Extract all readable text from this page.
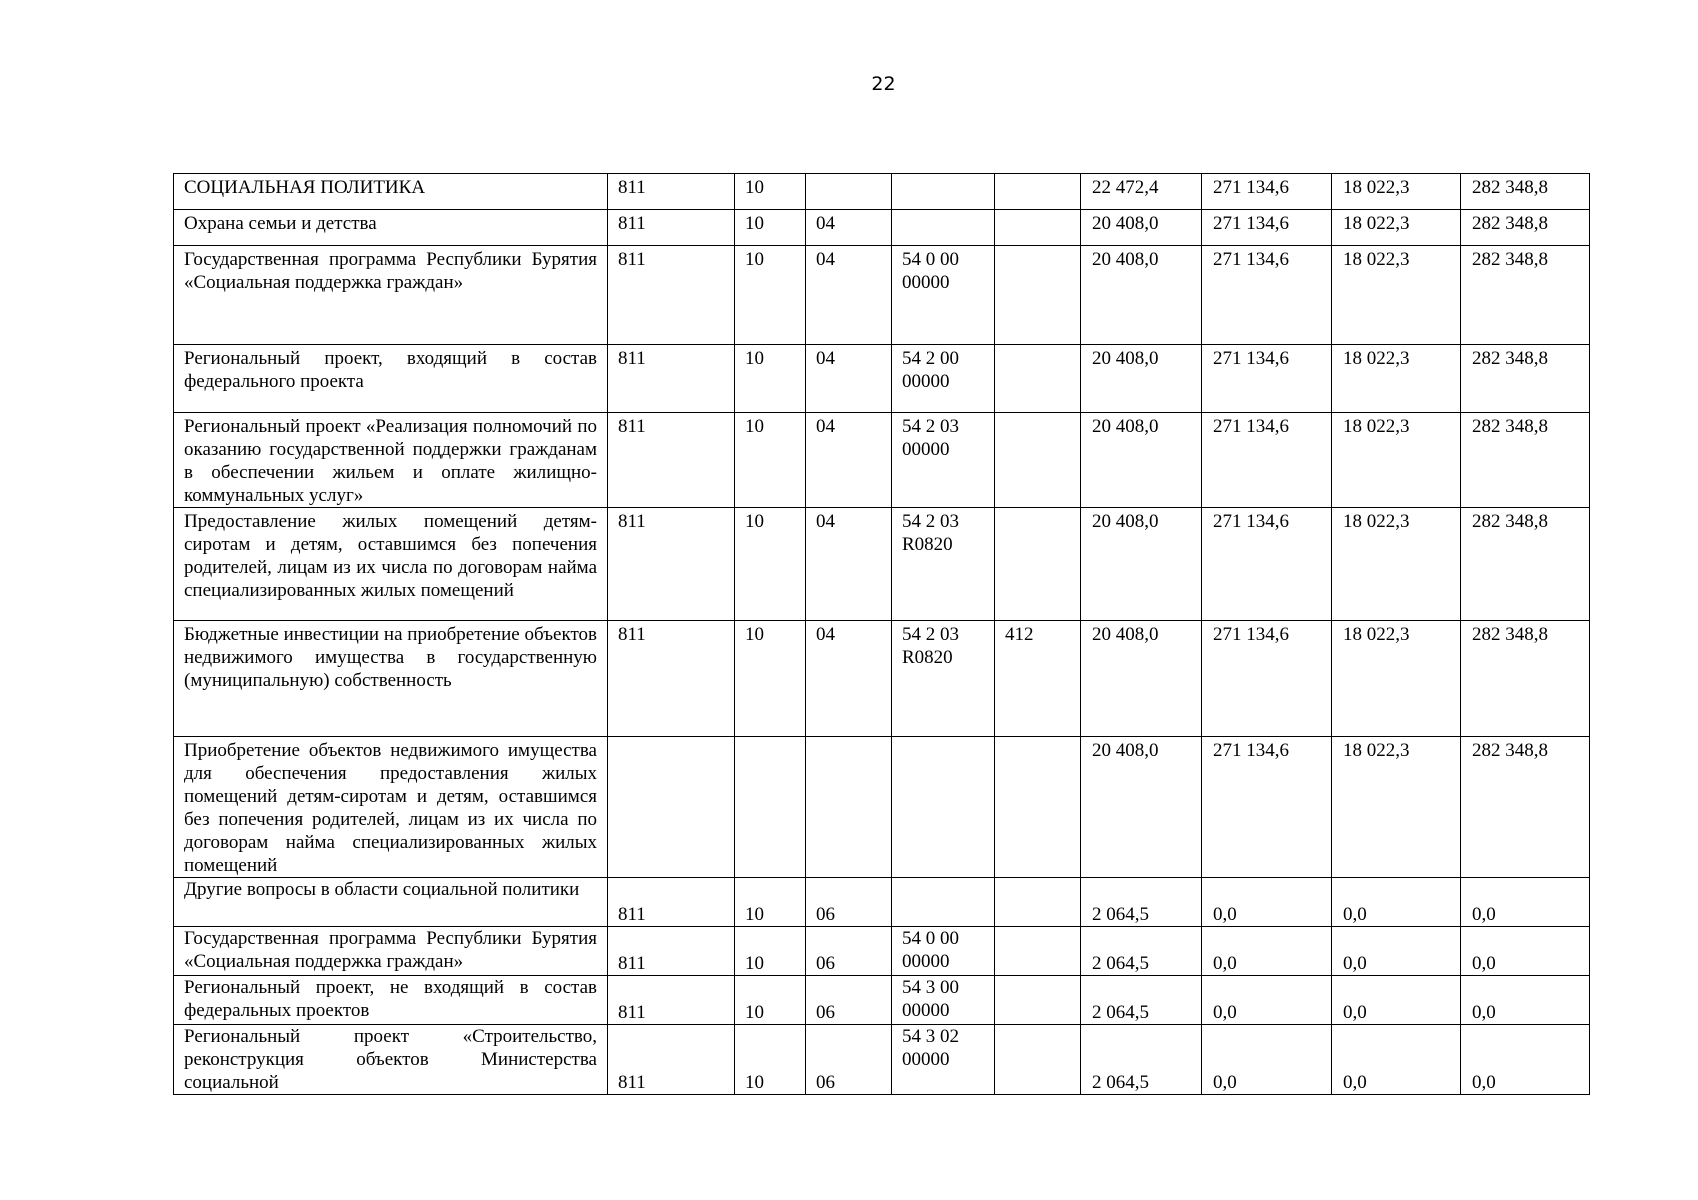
22
СОЦИАЛЬНАЯ ПОЛИТИКА	811	10				22 472,4	271 134,6	18 022,3	282 348,8
Охрана семьи и детства	811	10	04			20 408,0	271 134,6	18 022,3	282 348,8
Государственная программа Республики Бурятия «Социальная поддержка граждан»	811	10	04	54 0 00 00000		20 408,0	271 134,6	18 022,3	282 348,8
Региональный проект, входящий в состав федерального проекта	811	10	04	54 2 00 00000		20 408,0	271 134,6	18 022,3	282 348,8
Региональный проект «Реализация полномочий по оказанию государственной поддержки гражданам в обеспечении жильем и оплате жилищно-коммунальных услуг»	811	10	04	54 2 03 00000		20 408,0	271 134,6	18 022,3	282 348,8
Предоставление жилых помещений детям-сиротам и детям, оставшимся без попечения родителей, лицам из их числа по договорам найма специализированных жилых помещений	811	10	04	54 2 03 R0820		20 408,0	271 134,6	18 022,3	282 348,8
Бюджетные инвестиции на приобретение объектов недвижимого имущества в государственную (муниципальную) собственность	811	10	04	54 2 03 R0820	412	20 408,0	271 134,6	18 022,3	282 348,8
Приобретение объектов недвижимого имущества для обеспечения предоставления жилых помещений детям-сиротам и детям, оставшимся без попечения родителей, лицам из их числа по договорам найма специализированных жилых помещений						20 408,0	271 134,6	18 022,3	282 348,8
Другие вопросы в области социальной политики	811	10	06			2 064,5	0,0	0,0	0,0
Государственная программа Республики Бурятия «Социальная поддержка граждан»	811	10	06	54 0 00 00000		2 064,5	0,0	0,0	0,0
Региональный проект, не входящий в состав федеральных проектов	811	10	06	54 3 00 00000		2 064,5	0,0	0,0	0,0
Региональный проект «Строительство, реконструкция объектов Министерства социальной	811	10	06	54 3 02 00000		2 064,5	0,0	0,0	0,0
